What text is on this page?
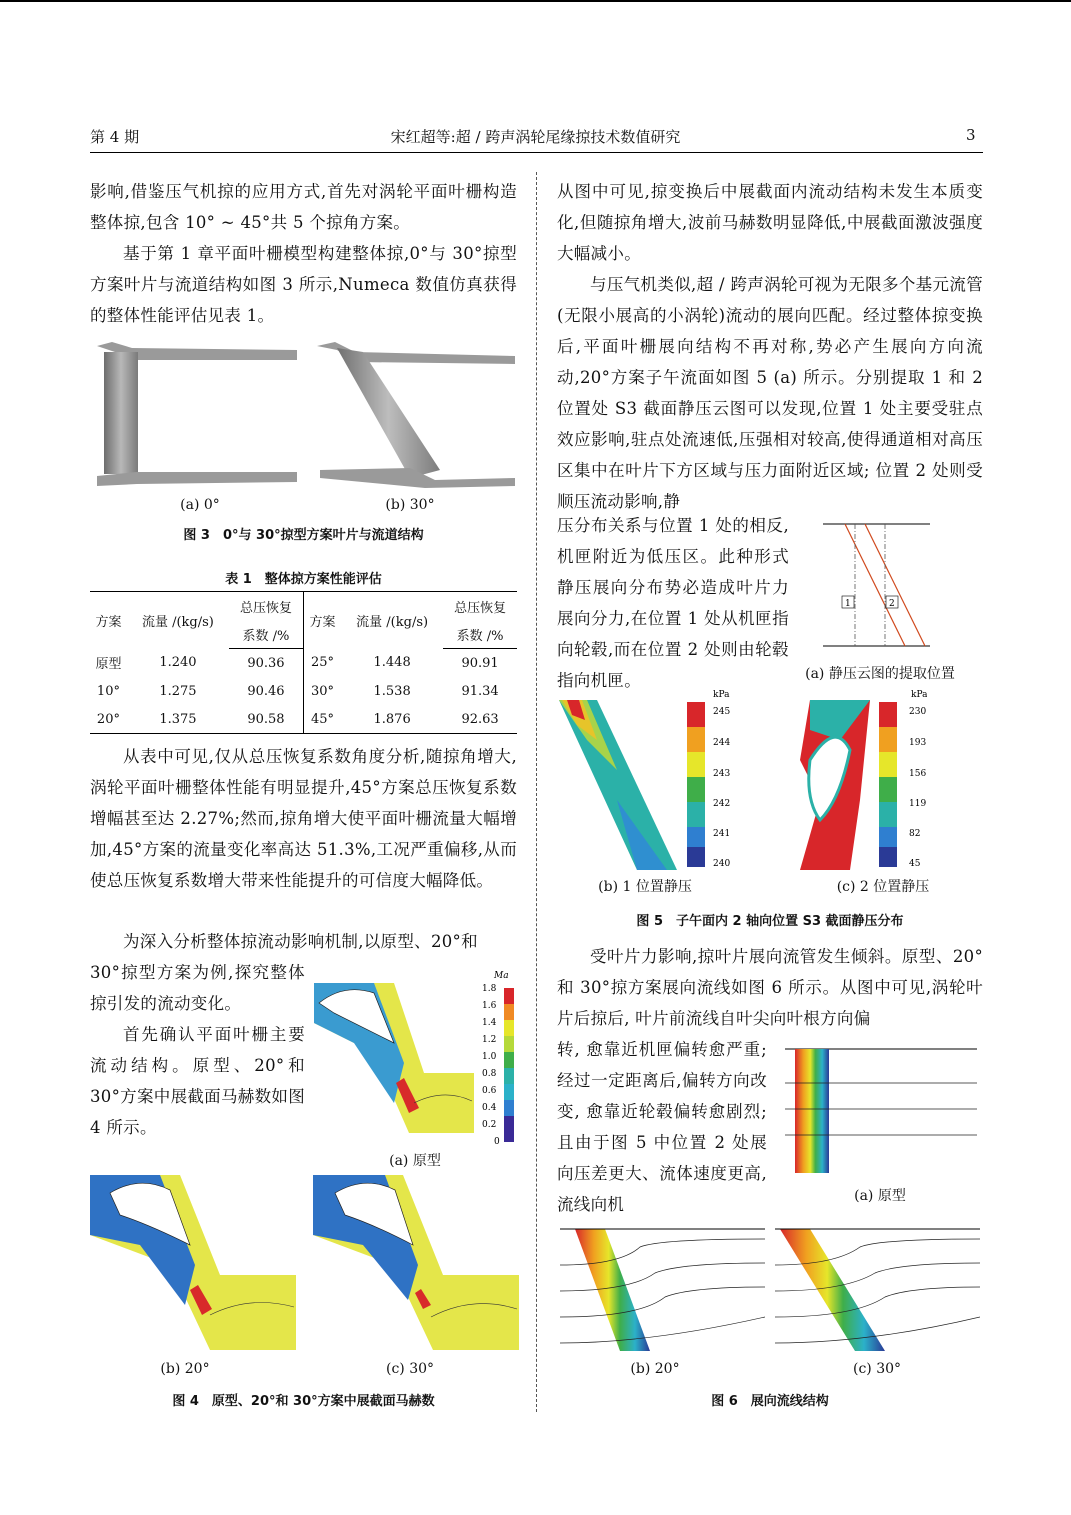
第 4 期	宋红超等:超 / 跨声涡轮尾缘掠技术数值研究	3

影响,借鉴压气机掠的应用方式,首先对涡轮平面叶栅构造整体掠,包含 10° ~ 45°共 5 个掠角方案。

基于第 1 章平面叶栅模型构建整体掠,0°与 30°掠型方案叶片与流道结构如图 3 所示,Numeca 数值仿真获得的整体性能评估见表 1。

(a) 0°	(b) 30°
图 3　0°与 30°掠型方案叶片与流道结构
表 1　整体掠方案性能评估
方案	流量 /(kg/s)	总压恢复	方案	流量 /(kg/s)	总压恢复
		系数 /%			系数 /%
原型	1.240	90.36	25°	1.448	90.91
10°	1.275	90.46	30°	1.538	91.34
20°	1.375	90.58	45°	1.876	92.63

从表中可见,仅从总压恢复系数角度分析,随掠角增大,涡轮平面叶栅整体性能有明显提升,45°方案总压恢复系数增幅甚至达 2.27%;然而,掠角增大使平面叶栅流量大幅增加,45°方案的流量变化率高达 51.3%,工况严重偏移,从而使总压恢复系数增大带来性能提升的可信度大幅降低。

为深入分析整体掠流动影响机制,以原型、20°和

30°掠型方案为例,探究整体掠引发的流动变化。

首先确认平面叶栅主要流动结构。原型、20°和 30°方案中展截面马赫数如图 4 所示。

Ma
1.8
1.6
1.4
1.2
1.0
0.8
0.6
0.4
0.2
0
(a) 原型
(b) 20°	(c) 30°
图 4　原型、20°和 30°方案中展截面马赫数

从图中可见,掠变换后中展截面内流动结构未发生本质变化,但随掠角增大,波前马赫数明显降低,中展截面激波强度大幅减小。

与压气机类似,超 / 跨声涡轮可视为无限多个基元流管(无限小展高的小涡轮)流动的展向匹配。经过整体掠变换后,平面叶栅展向结构不再对称,势必产生展向方向流动,20°方案子午流面如图 5 (a) 所示。分别提取 1 和 2 位置处 S3 截面静压云图可以发现,位置 1 处主要受驻点效应影响,驻点处流速低,压强相对较高,使得通道相对高压区集中在叶片下方区域与压力面附近区域; 位置 2 处则受顺压流动影响,静

压分布关系与位置 1 处的相反,机匣附近为低压区。此种形式静压展向分布势必造成叶片力展向分力,在位置 1 处从机匣指向轮毂,而在位置 2 处则由轮毂指向机匣。

1	2
(a) 静压云图的提取位置
kPa
245
244
243
242
241
240
(b) 1 位置静压
kPa
230
193
156
119
82
45
(c) 2 位置静压
图 5　子午面内 2 轴向位置 S3 截面静压分布

受叶片力影响,掠叶片展向流管发生倾斜。原型、20°和 30°掠方案展向流线如图 6 所示。从图中可见,涡轮叶片后掠后, 叶片前流线自叶尖向叶根方向偏

转, 愈靠近机匣偏转愈严重;经过一定距离后,偏转方向改变, 愈靠近轮毂偏转愈剧烈; 且由于图 5 中位置 2 处展向压差更大、流体速度更高, 流线向机	(a) 原型
(b) 20°	(c) 30°
图 6　展向流线结构
